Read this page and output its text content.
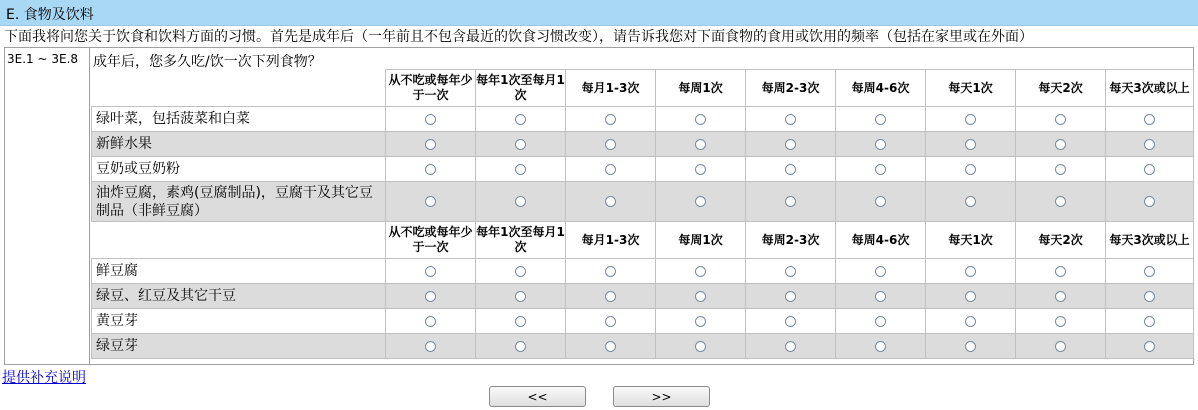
E. 食物及饮料
下面我将问您关于饮食和饮料方面的习惯。首先是成年后（一年前且不包含最近的饮食习惯改变），请告诉我您对下面食物的食用或饮用的频率（包括在家里或在外面）
3E.1 ~ 3E.8	成年后，您多久吃/饮一次下列食物？
	从不吃或每年少于一次	每年1次至每月1次	每月1-3次	每周1次	每周2-3次	每周4-6次	每天1次	每天2次	每天3次或以上
绿叶菜，包括菠菜和白菜									
新鲜水果									
豆奶或豆奶粉									
油炸豆腐，素鸡(豆腐制品)，豆腐干及其它豆制品（非鲜豆腐）									
	从不吃或每年少于一次	每年1次至每月1次	每月1-3次	每周1次	每周2-3次	每周4-6次	每天1次	每天2次	每天3次或以上
鲜豆腐									
绿豆、红豆及其它干豆									
黄豆芽									
绿豆芽									
提供补充说明
<<	>>
